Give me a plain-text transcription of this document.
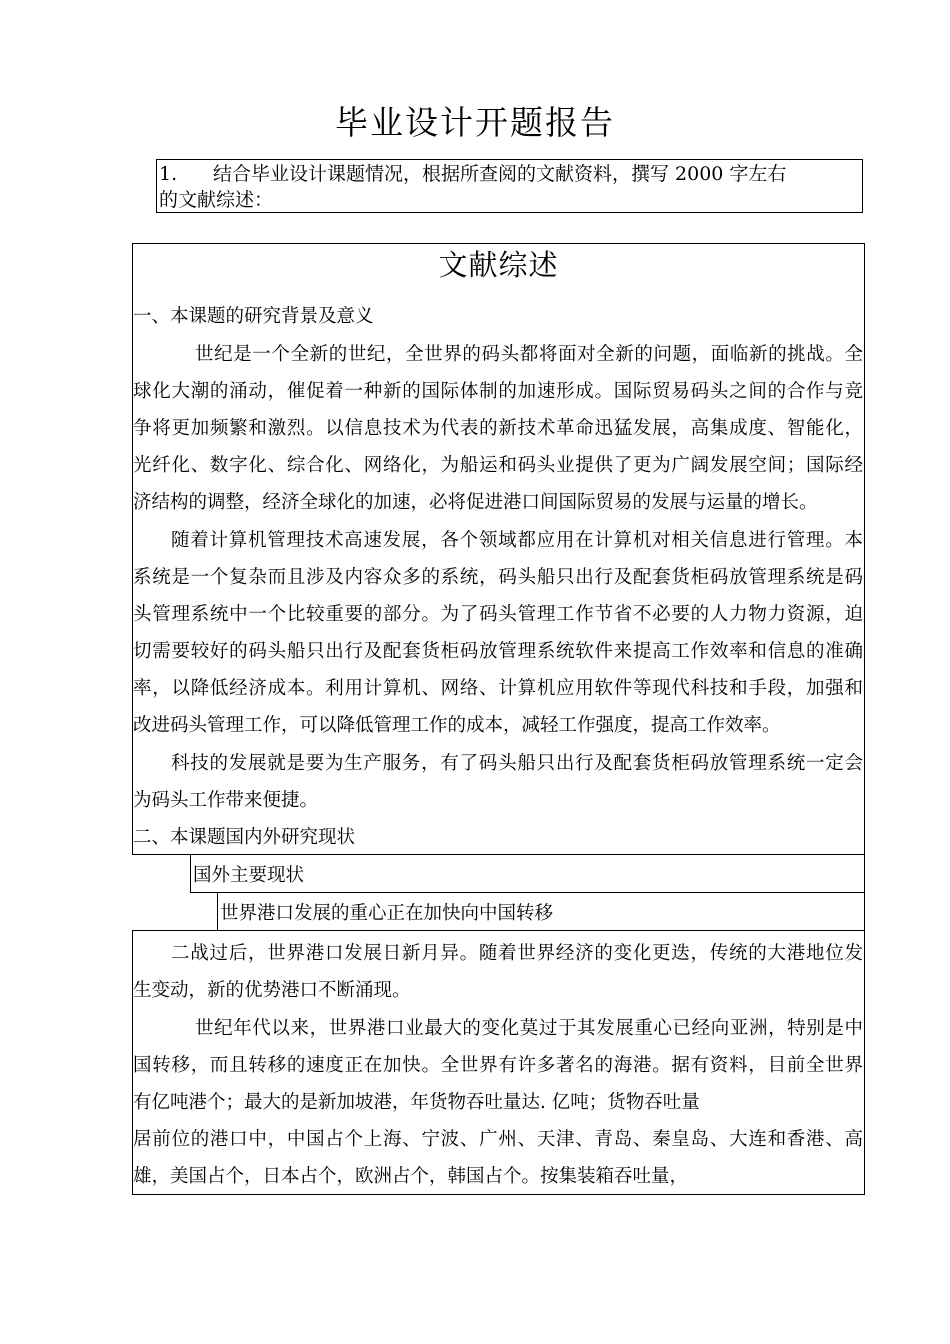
毕业设计开题报告
1. 结合毕业设计课题情况，根据所查阅的文献资料，撰写 2000 字左右
的文献综述：
文献综述
一、本课题的研究背景及意义
世纪是一个全新的世纪，全世界的码头都将面对全新的问题，面临新的挑战。全
球化大潮的涌动，催促着一种新的国际体制的加速形成。国际贸易码头之间的合作与竞
争将更加频繁和激烈。以信息技术为代表的新技术革命迅猛发展，高集成度、智能化，
光纤化、数字化、综合化、网络化，为船运和码头业提供了更为广阔发展空间；国际经
济结构的调整，经济全球化的加速，必将促进港口间国际贸易的发展与运量的增长。
随着计算机管理技术高速发展，各个领域都应用在计算机对相关信息进行管理。本
系统是一个复杂而且涉及内容众多的系统，码头船只出行及配套货柜码放管理系统是码
头管理系统中一个比较重要的部分。为了码头管理工作节省不必要的人力物力资源，迫
切需要较好的码头船只出行及配套货柜码放管理系统软件来提高工作效率和信息的准确
率，以降低经济成本。利用计算机、网络、计算机应用软件等现代科技和手段，加强和
改进码头管理工作，可以降低管理工作的成本，减轻工作强度，提高工作效率。
科技的发展就是要为生产服务，有了码头船只出行及配套货柜码放管理系统一定会
为码头工作带来便捷。
二、本课题国内外研究现状
国外主要现状
世界港口发展的重心正在加快向中国转移
二战过后，世界港口发展日新月异。随着世界经济的变化更迭，传统的大港地位发
生变动，新的优势港口不断涌现。
世纪年代以来，世界港口业最大的变化莫过于其发展重心已经向亚洲，特别是中
国转移，而且转移的速度正在加快。全世界有许多著名的海港。据有资料，目前全世界
有亿吨港个；最大的是新加坡港，年货物吞吐量达. 亿吨；货物吞吐量
居前位的港口中，中国占个上海、宁波、广州、天津、青岛、秦皇岛、大连和香港、高
雄，美国占个，日本占个，欧洲占个，韩国占个。按集装箱吞吐量，
